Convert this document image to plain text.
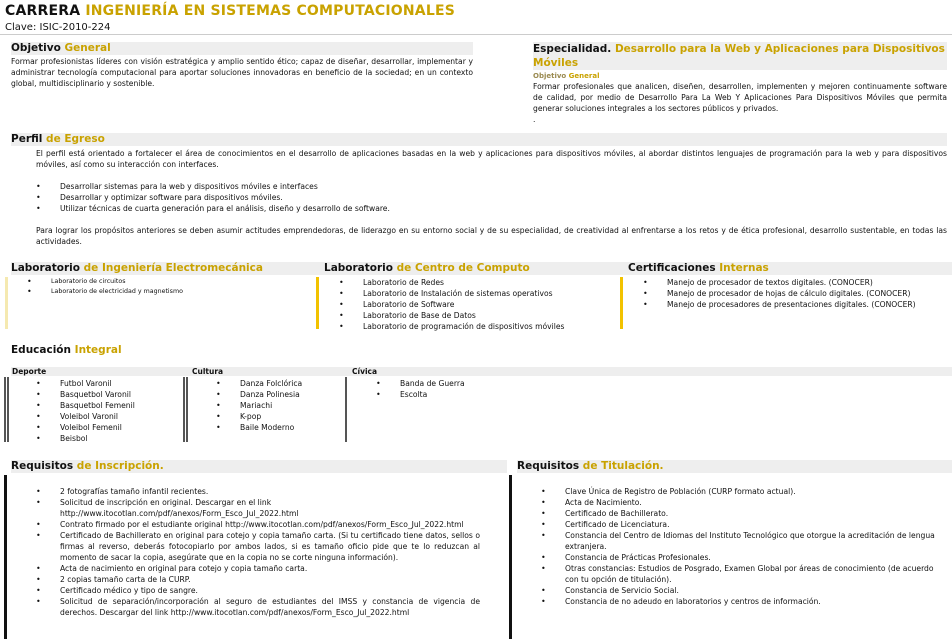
CARRERA INGENIERÍA EN SISTEMAS COMPUTACIONALES
Clave: ISIC-2010-224
Objetivo General
Formar profesionistas líderes con visión estratégica y amplio sentido ético; capaz de diseñar, desarrollar, implementar y administrar tecnología computacional para aportar soluciones innovadoras en beneficio de la sociedad; en un contexto global, multidisciplinario y sostenible.
Especialidad. Desarrollo para la Web y Aplicaciones para Dispositivos Móviles
Objetivo General
Formar profesionales que analicen, diseñen, desarrollen, implementen y mejoren continuamente software de calidad, por medio de Desarrollo Para La Web Y Aplicaciones Para Dispositivos Móviles que permita generar soluciones integrales a los sectores públicos y privados.
.
Perfil de Egreso
El perfil está orientado a fortalecer el área de conocimientos en el desarrollo de aplicaciones basadas en la web y aplicaciones para dispositivos móviles, al abordar distintos lenguajes de programación para la web y para dispositivos móviles, así como su interacción con interfaces.
• Desarrollar sistemas para la web y dispositivos móviles e interfaces
• Desarrollar y optimizar software para dispositivos móviles.
• Utilizar técnicas de cuarta generación para el análisis, diseño y desarrollo de software.
Para lograr los propósitos anteriores se deben asumir actitudes emprendedoras, de liderazgo en su entorno social y de su especialidad, de creatividad al enfrentarse a los retos y de ética profesional, desarrollo sustentable, en todas las actividades.
Laboratorio de Ingeniería Electromecánica
• Laboratorio de circuitos
• Laboratorio de electricidad y magnetismo
Laboratorio de Centro de Computo
• Laboratorio de Redes
• Laboratorio de Instalación de sistemas operativos
• Laboratorio de Software
• Laboratorio de Base de Datos
• Laboratorio de programación de dispositivos móviles
Certificaciones Internas
• Manejo de procesador de textos digitales. (CONOCER)
• Manejo de procesador de hojas de cálculo digitales. (CONOCER)
• Manejo de procesadores de presentaciones digitales. (CONOCER)
Educación Integral
Deporte
• Futbol Varonil
• Basquetbol Varonil
• Basquetbol Femenil
• Voleibol Varonil
• Voleibol Femenil
• Beisbol
Cultura
• Danza Folclórica
• Danza Polinesia
• Mariachi
• K-pop
• Baile Moderno
Cívica
• Banda de Guerra
• Escolta
Requisitos de Inscripción.
• 2 fotografías tamaño infantil recientes.
• Solicitud de inscripción en original. Descargar en el link http://www.itocotlan.com/pdf/anexos/Form_Esco_Jul_2022.html
• Contrato firmado por el estudiante original http://www.itocotlan.com/pdf/anexos/Form_Esco_Jul_2022.html
• Certificado de Bachillerato en original para cotejo y copia tamaño carta. (Si tu certificado tiene datos, sellos o firmas al reverso, deberás fotocopiarlo por ambos lados, si es tamaño oficio pide que te lo reduzcan al momento de sacar la copia, asegúrate que en la copia no se corte ninguna información).
• Acta de nacimiento en original para cotejo y copia tamaño carta.
• 2 copias tamaño carta de la CURP.
• Certificado médico y tipo de sangre.
• Solicitud de separación/incorporación al seguro de estudiantes del IMSS y constancia de vigencia de derechos. Descargar del link http://www.itocotlan.com/pdf/anexos/Form_Esco_Jul_2022.html
Requisitos de Titulación.
• Clave Única de Registro de Población (CURP formato actual).
• Acta de Nacimiento.
• Certificado de Bachillerato.
• Certificado de Licenciatura.
• Constancia del Centro de Idiomas del Instituto Tecnológico que otorgue la acreditación de lengua extranjera.
• Constancia de Prácticas Profesionales.
• Otras constancias: Estudios de Posgrado, Examen Global por áreas de conocimiento (de acuerdo con tu opción de titulación).
• Constancia de Servicio Social.
• Constancia de no adeudo en laboratorios y centros de información.
